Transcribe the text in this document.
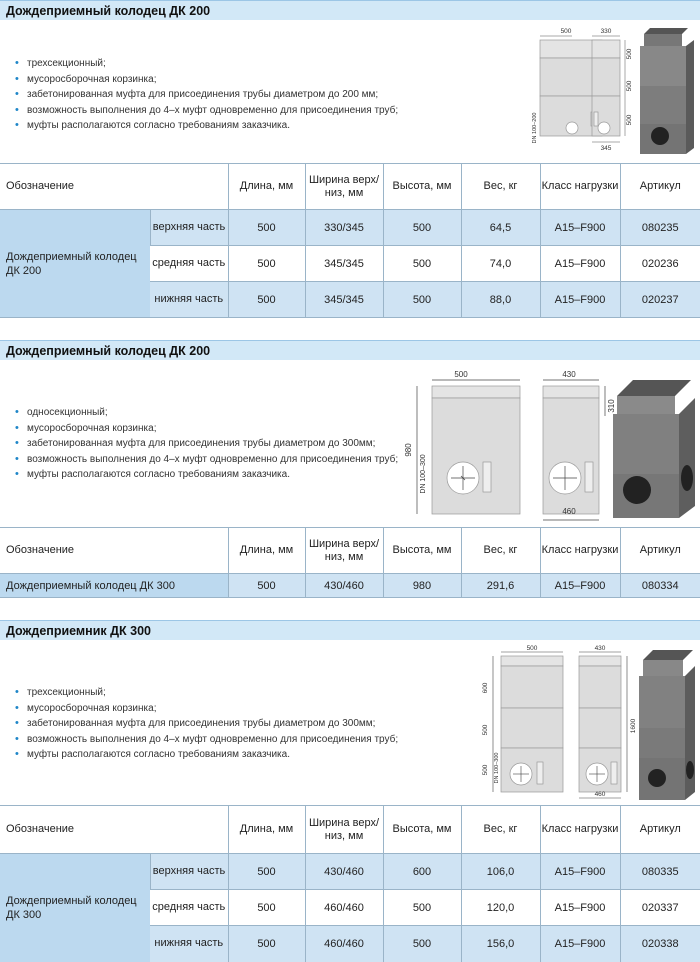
Дождеприемный колодец ДК 200
• трехсекционный;
• мусоросборочная корзинка;
• забетонированная муфта для присоединения трубы диаметром до 200 мм;
• возможность выполнения до 4–х муфт одновременно для присоединения труб;
• муфты располагаются согласно требованиям заказчика.
500	330
345
500
500
500
DN 100–200
Обозначение		Длина, мм	Ширина верх/низ, мм	Высота, мм	Вес, кг	Класс нагрузки	Артикул
Дождеприемный колодец ДК 200	верхняя часть	500	330/345	500	64,5	A15–F900	080235
	средняя часть	500	345/345	500	74,0	A15–F900	020236
	нижняя часть	500	345/345	500	88,0	A15–F900	020237
Дождеприемный колодец ДК 200
• односекционный;
• мусоросборочная корзинка;
• забетонированная муфта для присоединения трубы диаметром до 300мм;
• возможность выполнения до 4–х муфт одновременно для присоединения труб;
• муфты располагаются согласно требованиям заказчика.
500	430
460
980
310
DN 100–300
Обозначение	Длина, мм	Ширина верх/низ, мм	Высота, мм	Вес, кг	Класс нагрузки	Артикул
Дождеприемный колодец ДК 300	500	430/460	980	291,6	A15–F900	080334
Дождеприемник ДК 300
• трехсекционный;
• мусоросборочная корзинка;
• забетонированная муфта для присоединения трубы диаметром до 300мм;
• возможность выполнения до 4–х муфт одновременно для присоединения труб;
• муфты располагаются согласно требованиям заказчика.
500	430
460
600
500
500
1600
DN 100–300
Обозначение		Длина, мм	Ширина верх/низ, мм	Высота, мм	Вес, кг	Класс нагрузки	Артикул
Дождеприемный колодец ДК 300	верхняя часть	500	430/460	600	106,0	A15–F900	080335
	средняя часть	500	460/460	500	120,0	A15–F900	020337
	нижняя часть	500	460/460	500	156,0	A15–F900	020338
